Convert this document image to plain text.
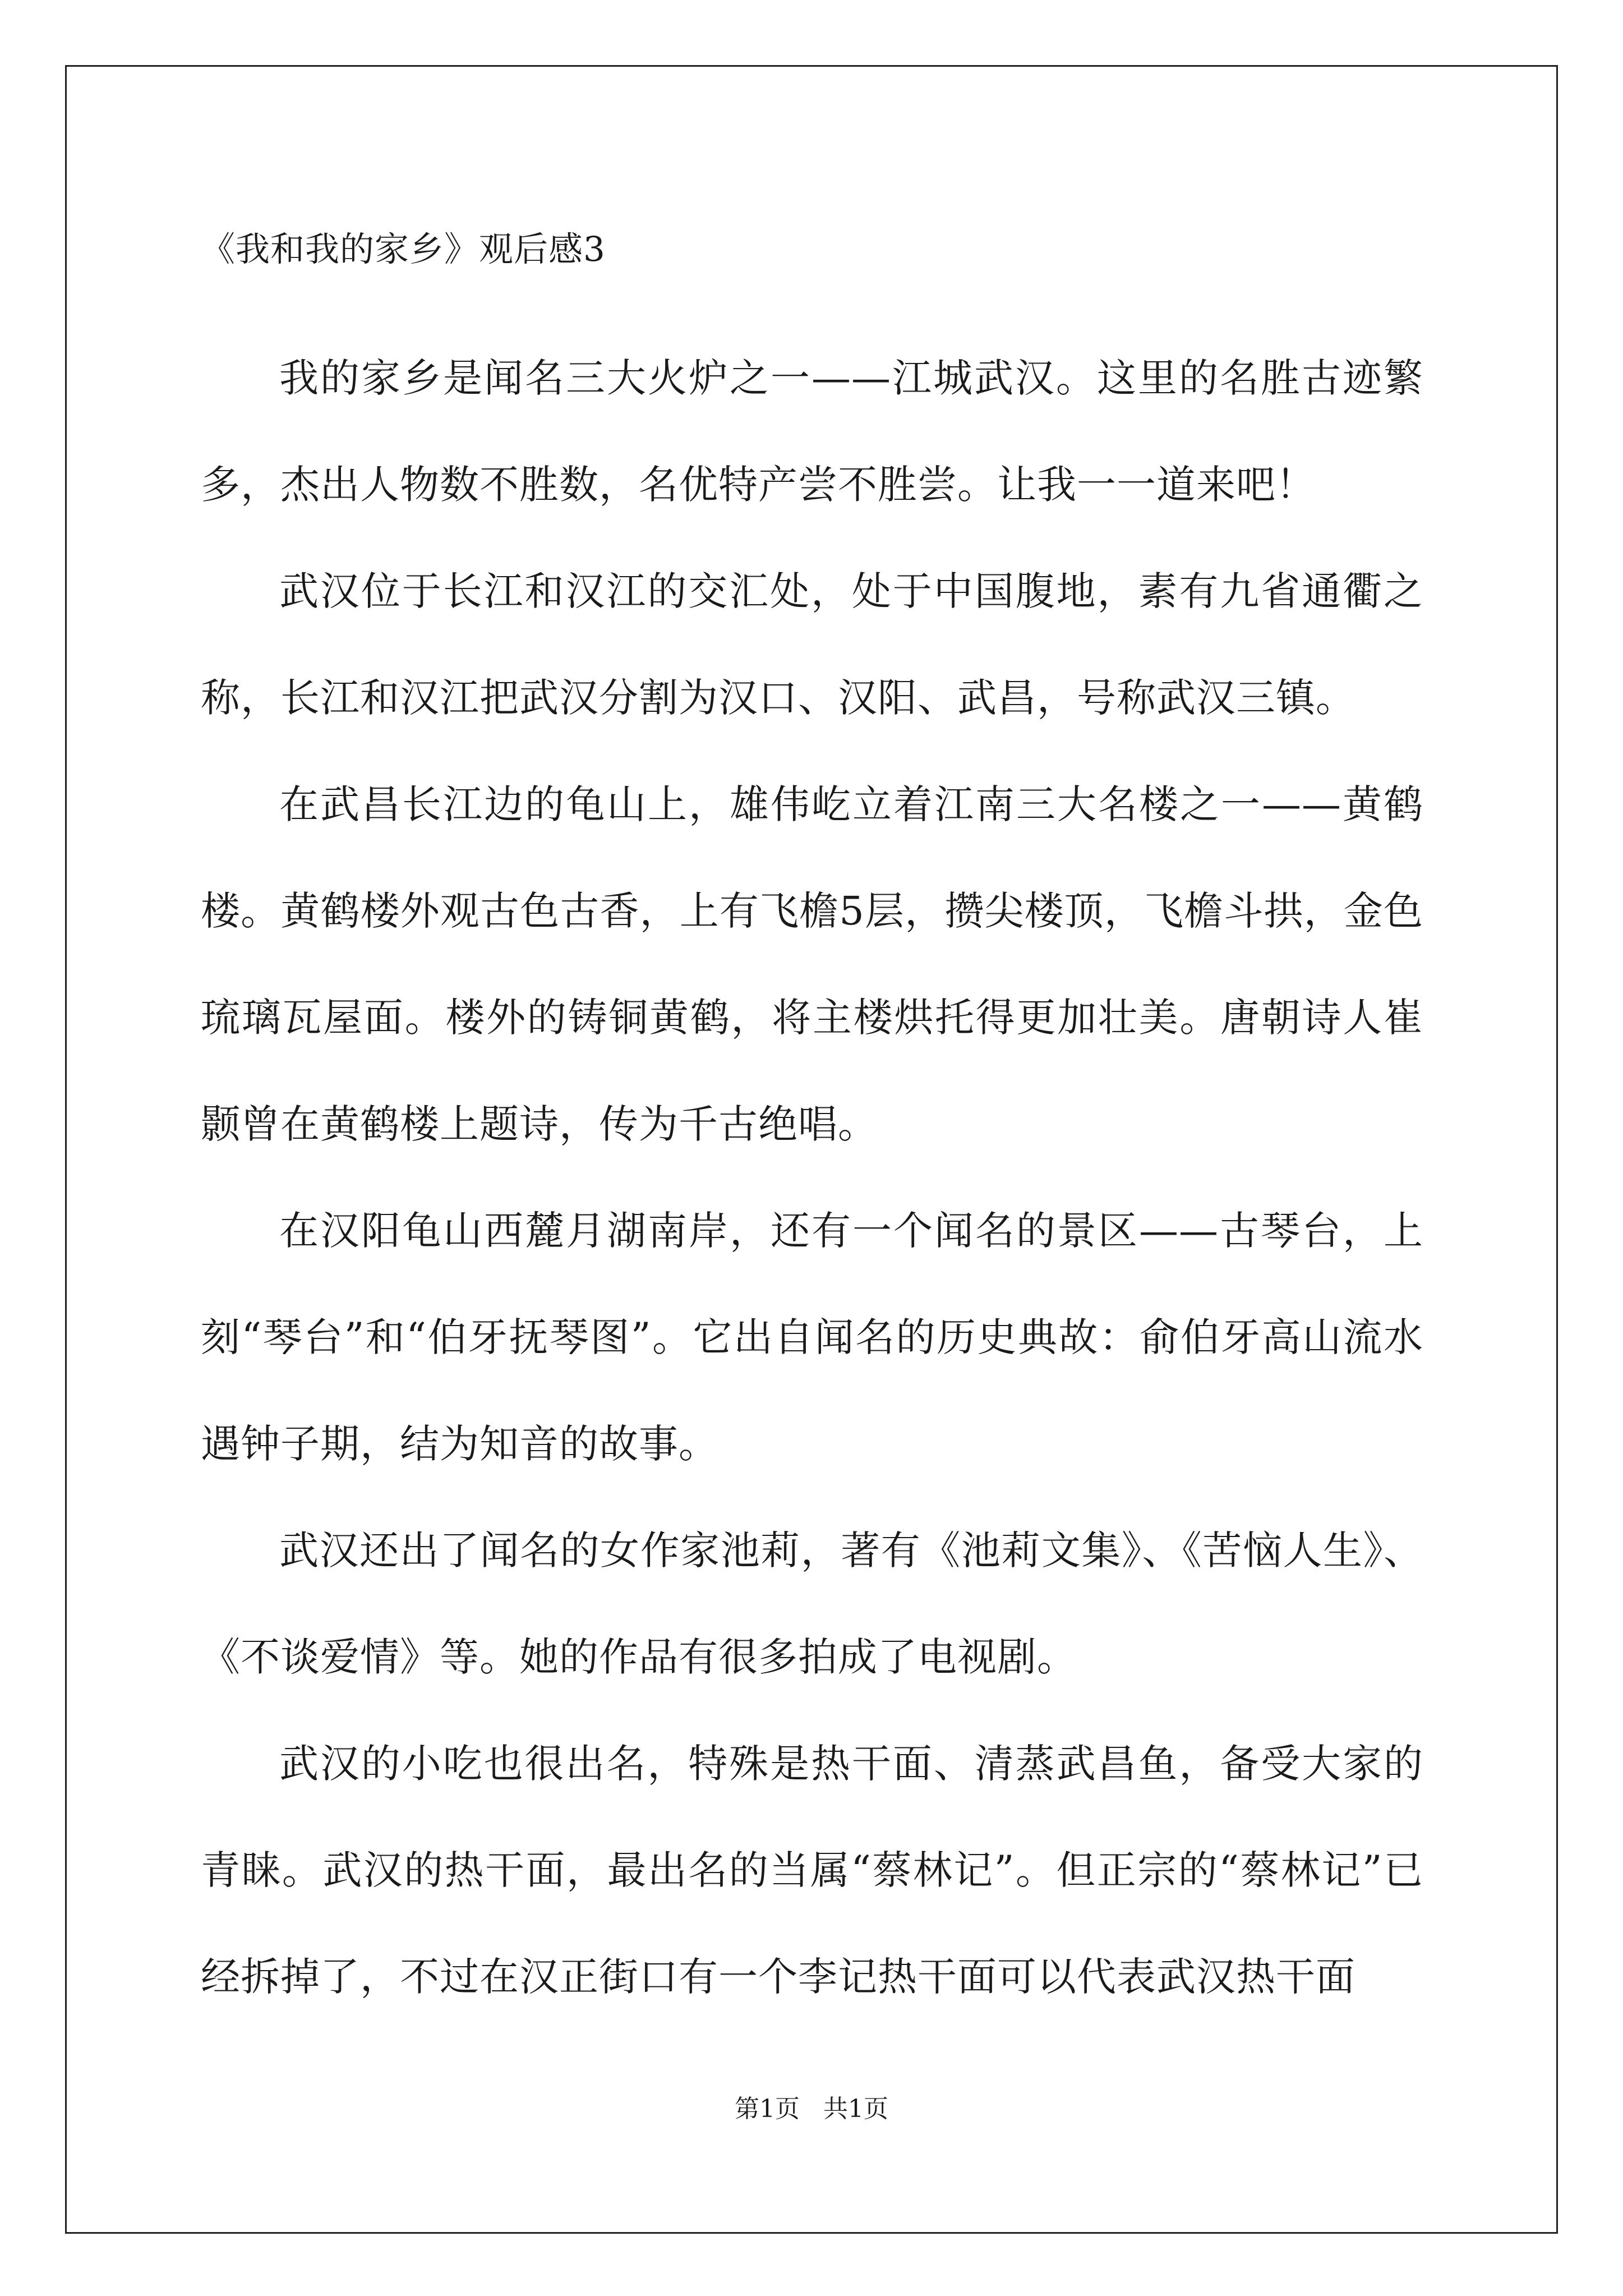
《我和我的家乡》观后感3

我的家乡是闻名三大火炉之一——江城武汉。这里的名胜古迹繁多，杰出人物数不胜数，名优特产尝不胜尝。让我一一道来吧！

武汉位于长江和汉江的交汇处，处于中国腹地，素有九省通衢之称，长江和汉江把武汉分割为汉口、汉阳、武昌，号称武汉三镇。

在武昌长江边的龟山上，雄伟屹立着江南三大名楼之一——黄鹤楼。黄鹤楼外观古色古香，上有飞檐5层，攒尖楼顶，飞檐斗拱，金色琉璃瓦屋面。楼外的铸铜黄鹤，将主楼烘托得更加壮美。唐朝诗人崔颢曾在黄鹤楼上题诗，传为千古绝唱。

在汉阳龟山西麓月湖南岸，还有一个闻名的景区——古琴台，上刻“琴台”和“伯牙抚琴图”。它出自闻名的历史典故：俞伯牙高山流水遇钟子期，结为知音的故事。

武汉还出了闻名的女作家池莉，著有《池莉文集》、《苦恼人生》、《不谈爱情》等。她的作品有很多拍成了电视剧。

武汉的小吃也很出名，特殊是热干面、清蒸武昌鱼，备受大家的青睐。武汉的热干面，最出名的当属“蔡林记”。但正宗的“蔡林记”已经拆掉了，不过在汉正街口有一个李记热干面可以代表武汉热干面

第1页   共1页
